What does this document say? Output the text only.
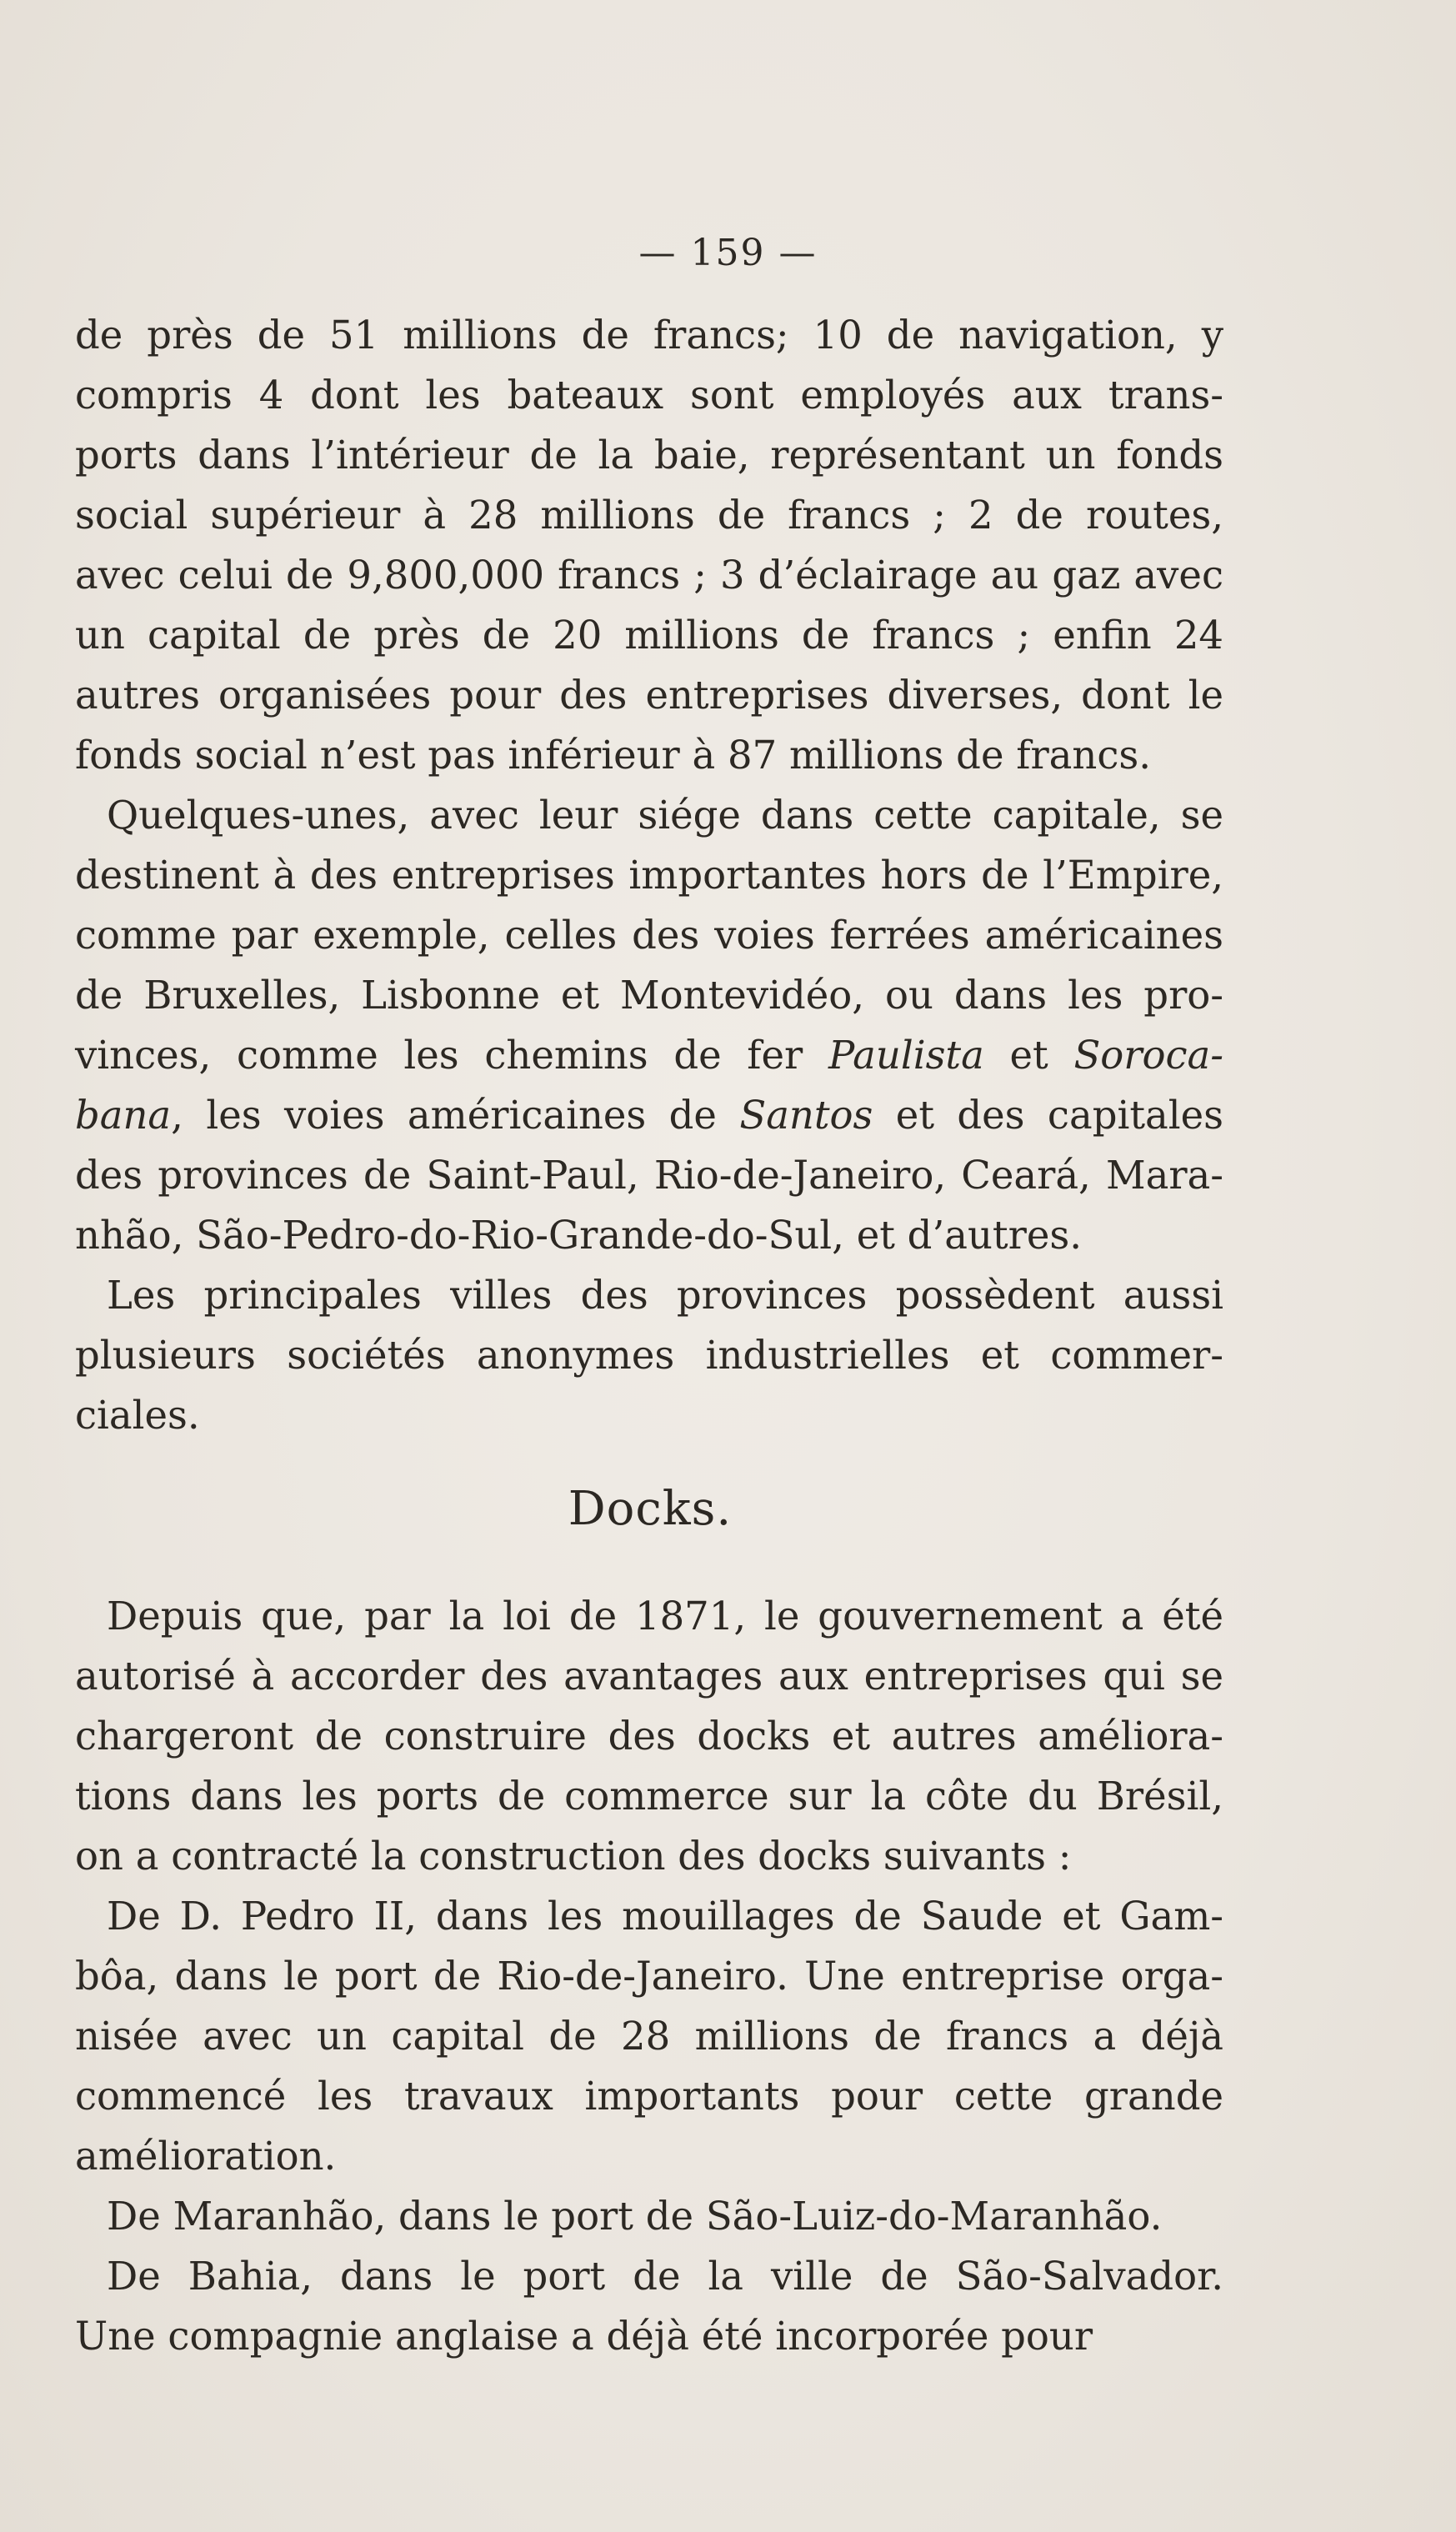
— 159 —
de près de 51 millions de francs; 10 de navigation, y
compris 4 dont les bateaux sont employés aux trans-
ports dans l’intérieur de la baie, représentant un fonds
social supérieur à 28 millions de francs ; 2 de routes,
avec celui de 9,800,000 francs ; 3 d’éclairage au gaz avec
un capital de près de 20 millions de francs ; enfin 24
autres organisées pour des entreprises diverses, dont le
fonds social n’est pas inférieur à 87 millions de francs.
Quelques-unes, avec leur siége dans cette capitale, se
destinent à des entreprises importantes hors de l’Empire,
comme par exemple, celles des voies ferrées américaines
de Bruxelles, Lisbonne et Montevidéo, ou dans les pro-
vinces, comme les chemins de fer Paulista et Soroca-
bana, les voies américaines de Santos et des capitales
des provinces de Saint-Paul, Rio-de-Janeiro, Ceará, Mara-
nhão, São-Pedro-do-Rio-Grande-do-Sul, et d’autres.
Les principales villes des provinces possèdent aussi
plusieurs sociétés anonymes industrielles et commer-
ciales.
Docks.
Depuis que, par la loi de 1871, le gouvernement a été
autorisé à accorder des avantages aux entreprises qui se
chargeront de construire des docks et autres améliora-
tions dans les ports de commerce sur la côte du Brésil,
on a contracté la construction des docks suivants :
De D. Pedro II, dans les mouillages de Saude et Gam-
bôa, dans le port de Rio-de-Janeiro. Une entreprise orga-
nisée avec un capital de 28 millions de francs a déjà
commencé les travaux importants pour cette grande
amélioration.
De Maranhão, dans le port de São-Luiz-do-Maranhão.
De Bahia, dans le port de la ville de São-Salvador.
Une compagnie anglaise a déjà été incorporée pour
